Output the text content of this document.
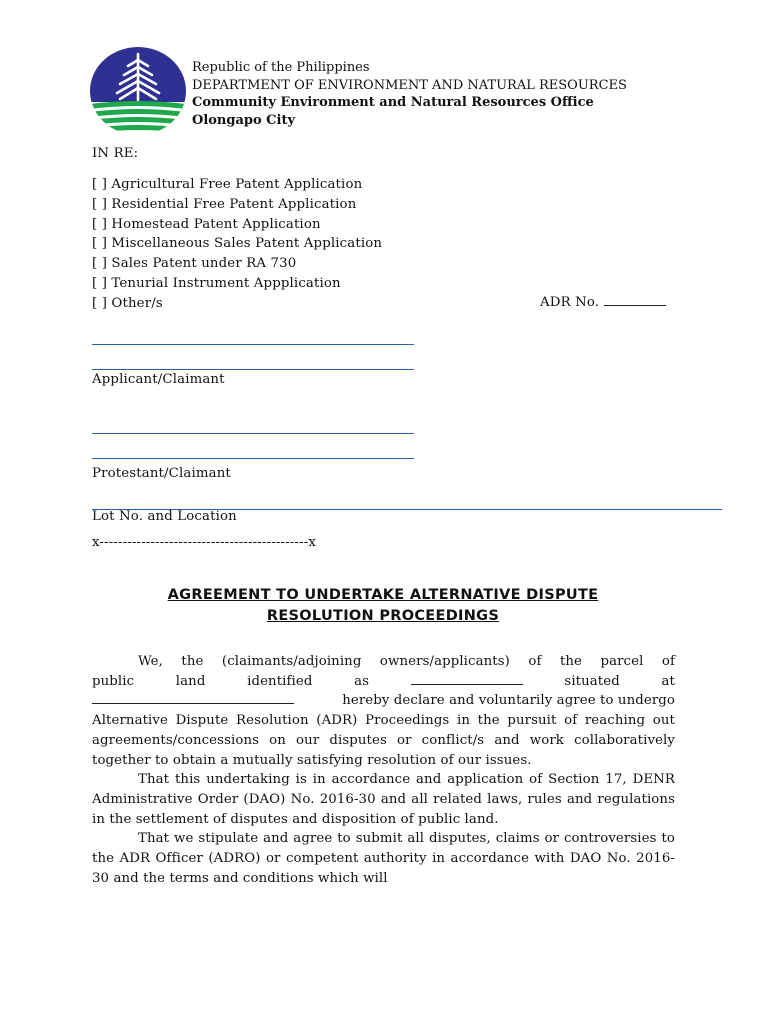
Republic of the Philippines
DEPARTMENT OF ENVIRONMENT AND NATURAL RESOURCES
Community Environment and Natural Resources Office
Olongapo City
IN RE:
[ ] Agricultural Free Patent Application
[ ] Residential Free Patent Application
[ ] Homestead Patent Application
[ ] Miscellaneous Sales Patent Application
[ ] Sales Patent under RA 730
[ ] Tenurial Instrument Appplication
[ ] Other/s	ADR No.
Applicant/Claimant
Protestant/Claimant
Lot No. and Location
x---------------------------------------------x
AGREEMENT TO UNDERTAKE ALTERNATIVE DISPUTE
RESOLUTION PROCEEDINGS
We, the (claimants/adjoining owners/applicants) of the parcel of
public	land	identified	as	situated	at
hereby declare and voluntarily agree to undergo

Alternative Dispute Resolution (ADR) Proceedings in the pursuit of reaching out agreements/concessions on our disputes or conflict/s and work collaboratively together to obtain a mutually satisfying resolution of our issues.

That this undertaking is in accordance and application of Section 17, DENR Administrative Order (DAO) No. 2016-30 and all related laws, rules and regulations in the settlement of disputes and disposition of public land.

That we stipulate and agree to submit all disputes, claims or controversies to the ADR Officer (ADRO) or competent authority in accordance with DAO No. 2016-30 and the terms and conditions which will
